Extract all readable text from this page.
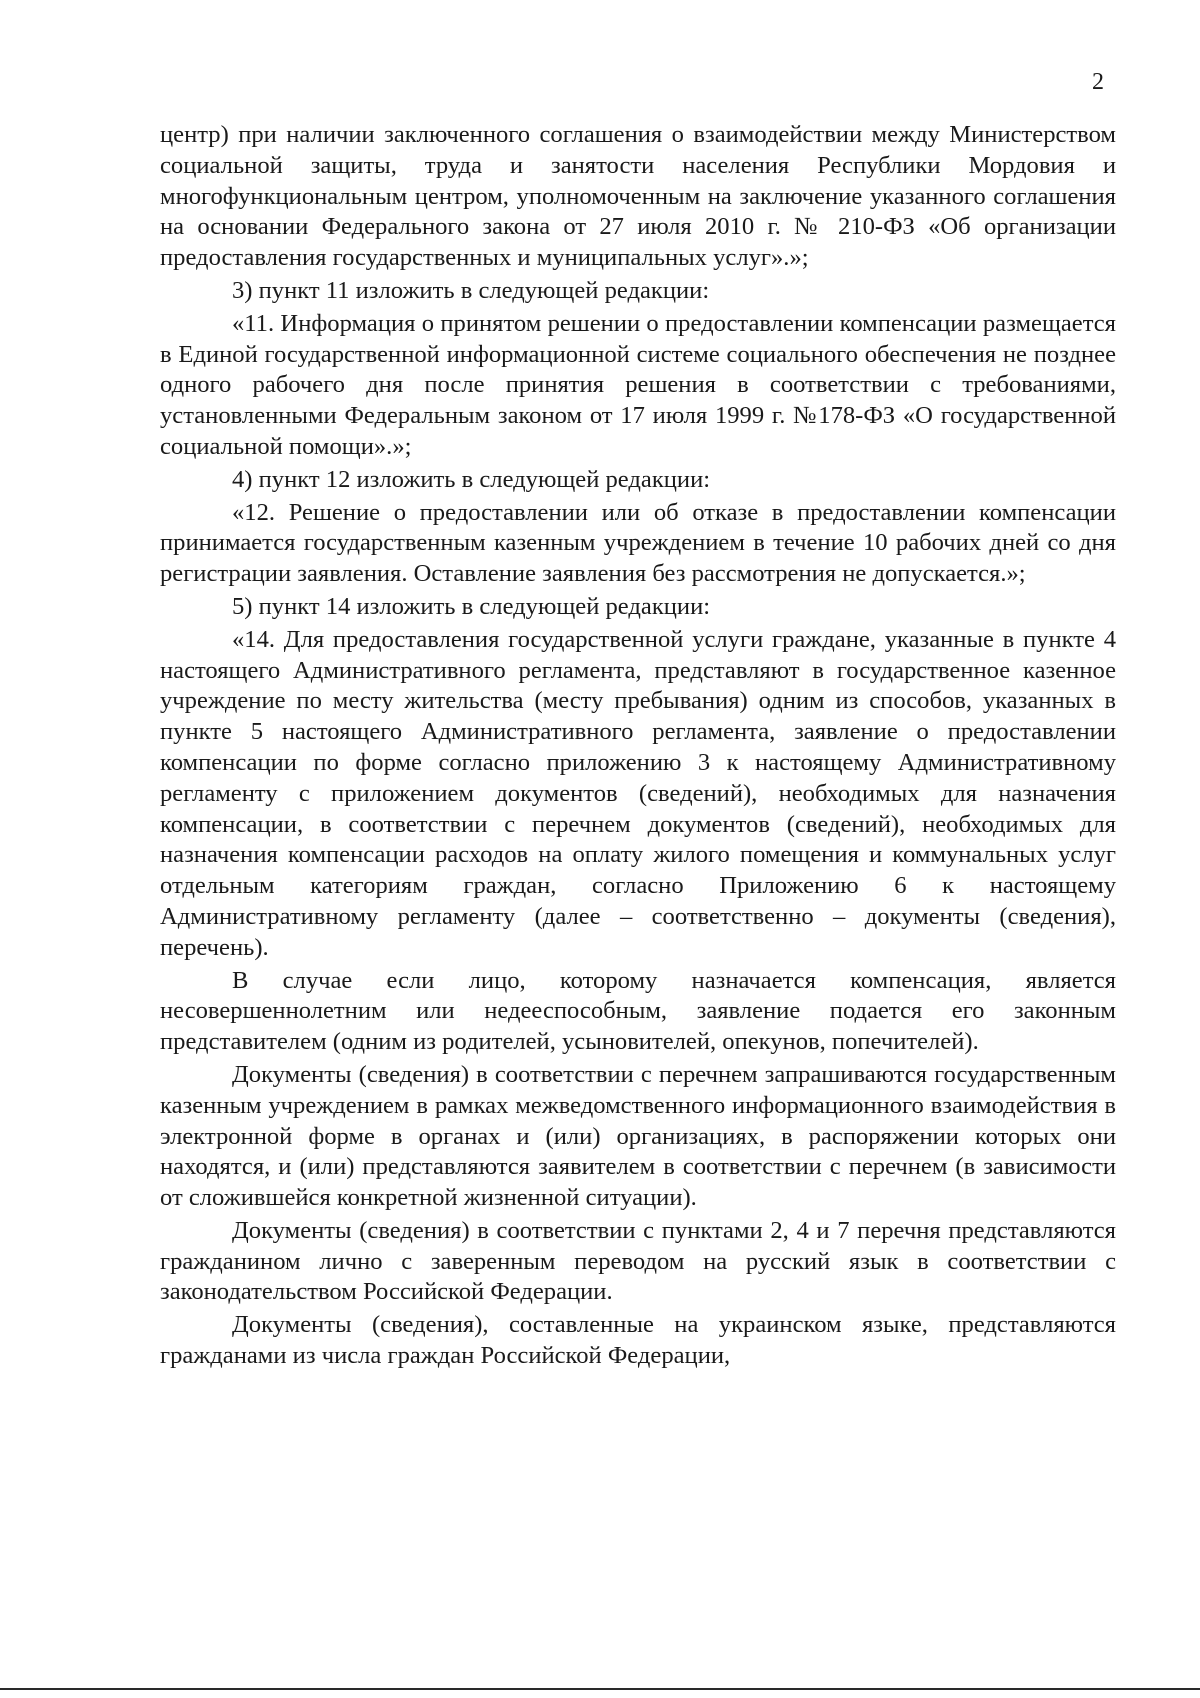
2

центр) при наличии заключенного соглашения о взаимодействии между Министерством социальной защиты, труда и занятости населения Республики Мордовия и многофункциональным центром, уполномоченным на заключение указанного соглашения на основании Федерального закона от 27 июля 2010 г. № 210-ФЗ «Об организации предоставления государственных и муниципальных услуг».»;

3) пункт 11 изложить в следующей редакции:

«11. Информация о принятом решении о предоставлении компенсации размещается в Единой государственной информационной системе социального обеспечения не позднее одного рабочего дня после принятия решения в соответствии с требованиями, установленными Федеральным законом от 17 июля 1999 г. №178-ФЗ «О государственной социальной помощи».»;

4) пункт 12 изложить в следующей редакции:

«12. Решение о предоставлении или об отказе в предоставлении компенсации принимается государственным казенным учреждением в течение 10 рабочих дней со дня регистрации заявления. Оставление заявления без рассмотрения не допускается.»;

5) пункт 14 изложить в следующей редакции:

«14. Для предоставления государственной услуги граждане, указанные в пункте 4 настоящего Административного регламента, представляют в государственное казенное учреждение по месту жительства (месту пребывания) одним из способов, указанных в пункте 5 настоящего Административного регламента, заявление о предоставлении компенсации по форме согласно приложению 3 к настоящему Административному регламенту с приложением документов (сведений), необходимых для назначения компенсации, в соответствии с перечнем документов (сведений), необходимых для назначения компенсации расходов на оплату жилого помещения и коммунальных услуг отдельным категориям граждан, согласно Приложению 6 к настоящему Административному регламенту (далее – соответственно – документы (сведения), перечень).

В случае если лицо, которому назначается компенсация, является несовершеннолетним или недееспособным, заявление подается его законным представителем (одним из родителей, усыновителей, опекунов, попечителей).

Документы (сведения) в соответствии с перечнем запрашиваются государственным казенным учреждением в рамках межведомственного информационного взаимодействия в электронной форме в органах и (или) организациях, в распоряжении которых они находятся, и (или) представляются заявителем в соответствии с перечнем (в зависимости от сложившейся конкретной жизненной ситуации).

Документы (сведения) в соответствии с пунктами 2, 4 и 7 перечня представляются гражданином лично с заверенным переводом на русский язык в соответствии с законодательством Российской Федерации.

Документы (сведения), составленные на украинском языке, представляются гражданами из числа граждан Российской Федерации,
